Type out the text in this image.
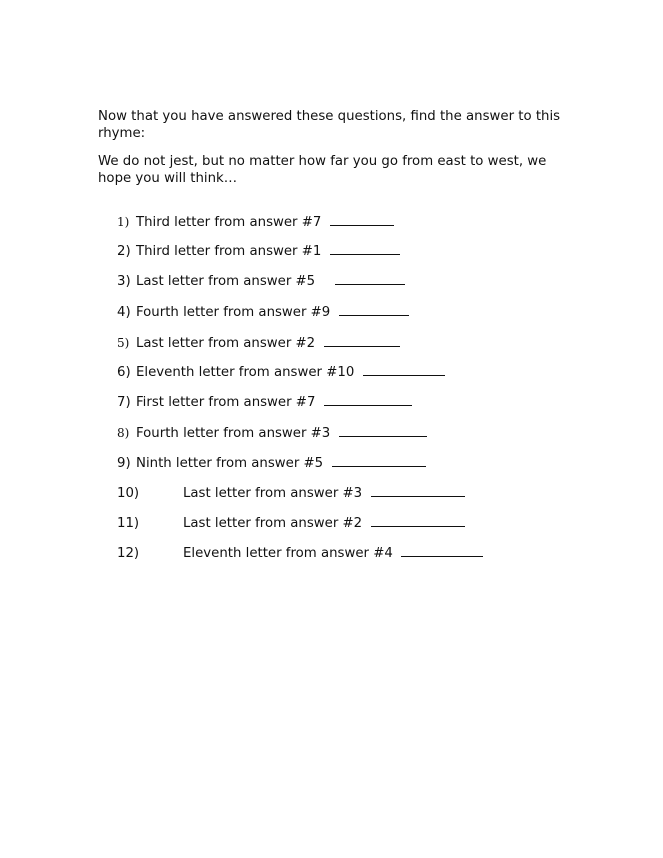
Now that you have answered these questions, find the answer to this rhyme:

We do not jest, but no matter how far you go from east to west, we hope you will think…

1) Third letter from answer #7
2) Third letter from answer #1
3) Last letter from answer #5
4) Fourth letter from answer #9
5) Last letter from answer #2
6) Eleventh letter from answer #10
7) First letter from answer #7
8) Fourth letter from answer #3
9) Ninth letter from answer #5
10)	Last letter from answer #3
11)	Last letter from answer #2
12)	Eleventh letter from answer #4
